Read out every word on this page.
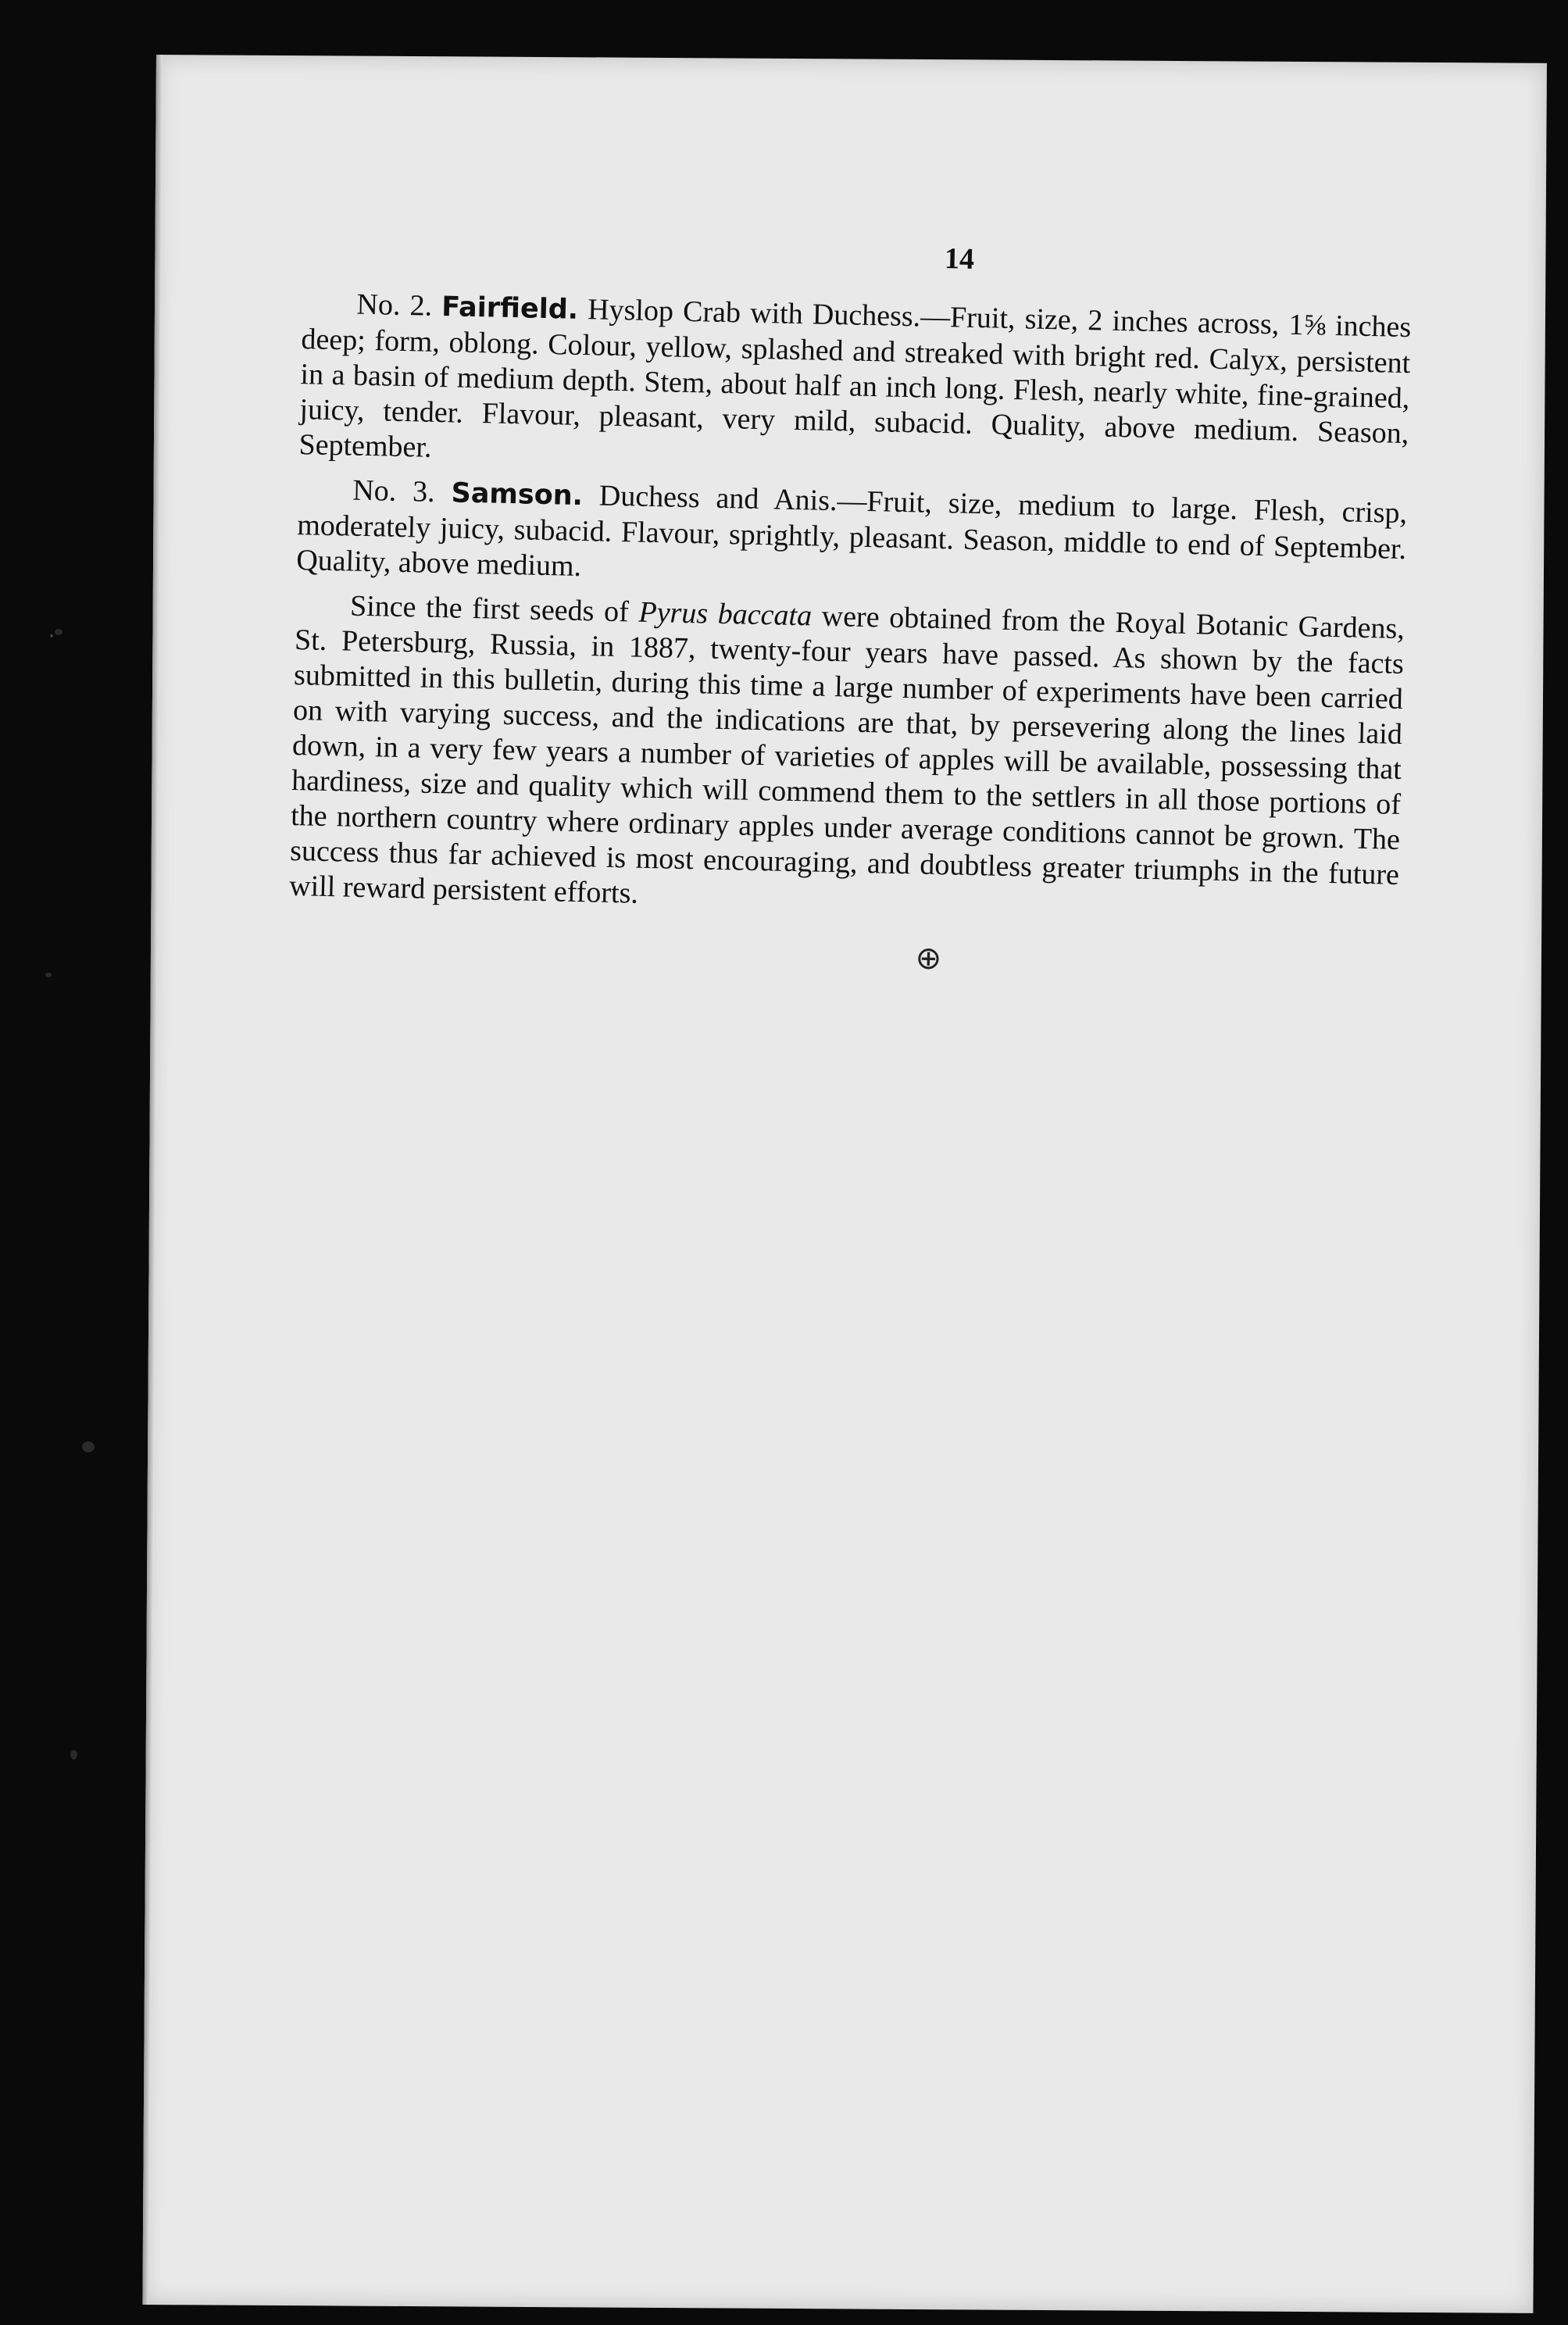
·
14

No. 2. Fairfield. Hyslop Crab with Duchess.—Fruit, size, 2 inches across, 1⅝ inches deep; form, oblong. Colour, yellow, splashed and streaked with bright red. Calyx, persistent in a basin of medium depth. Stem, about half an inch long. Flesh, nearly white, fine-grained, juicy, tender. Flavour, pleasant, very mild, subacid. Quality, above medium. Season, September.

No. 3. Samson. Duchess and Anis.—Fruit, size, medium to large. Flesh, crisp, moderately juicy, subacid. Flavour, sprightly, pleasant. Season, middle to end of September. Quality, above medium.

Since the first seeds of Pyrus baccata were obtained from the Royal Botanic Gardens, St. Petersburg, Russia, in 1887, twenty-four years have passed. As shown by the facts submitted in this bulletin, during this time a large number of experiments have been carried on with varying success, and the indications are that, by persevering along the lines laid down, in a very few years a number of varieties of apples will be available, possessing that hardiness, size and quality which will commend them to the settlers in all those portions of the northern country where ordinary apples under average conditions cannot be grown. The success thus far achieved is most encouraging, and doubtless greater triumphs in the future will reward persistent efforts.

⊕
